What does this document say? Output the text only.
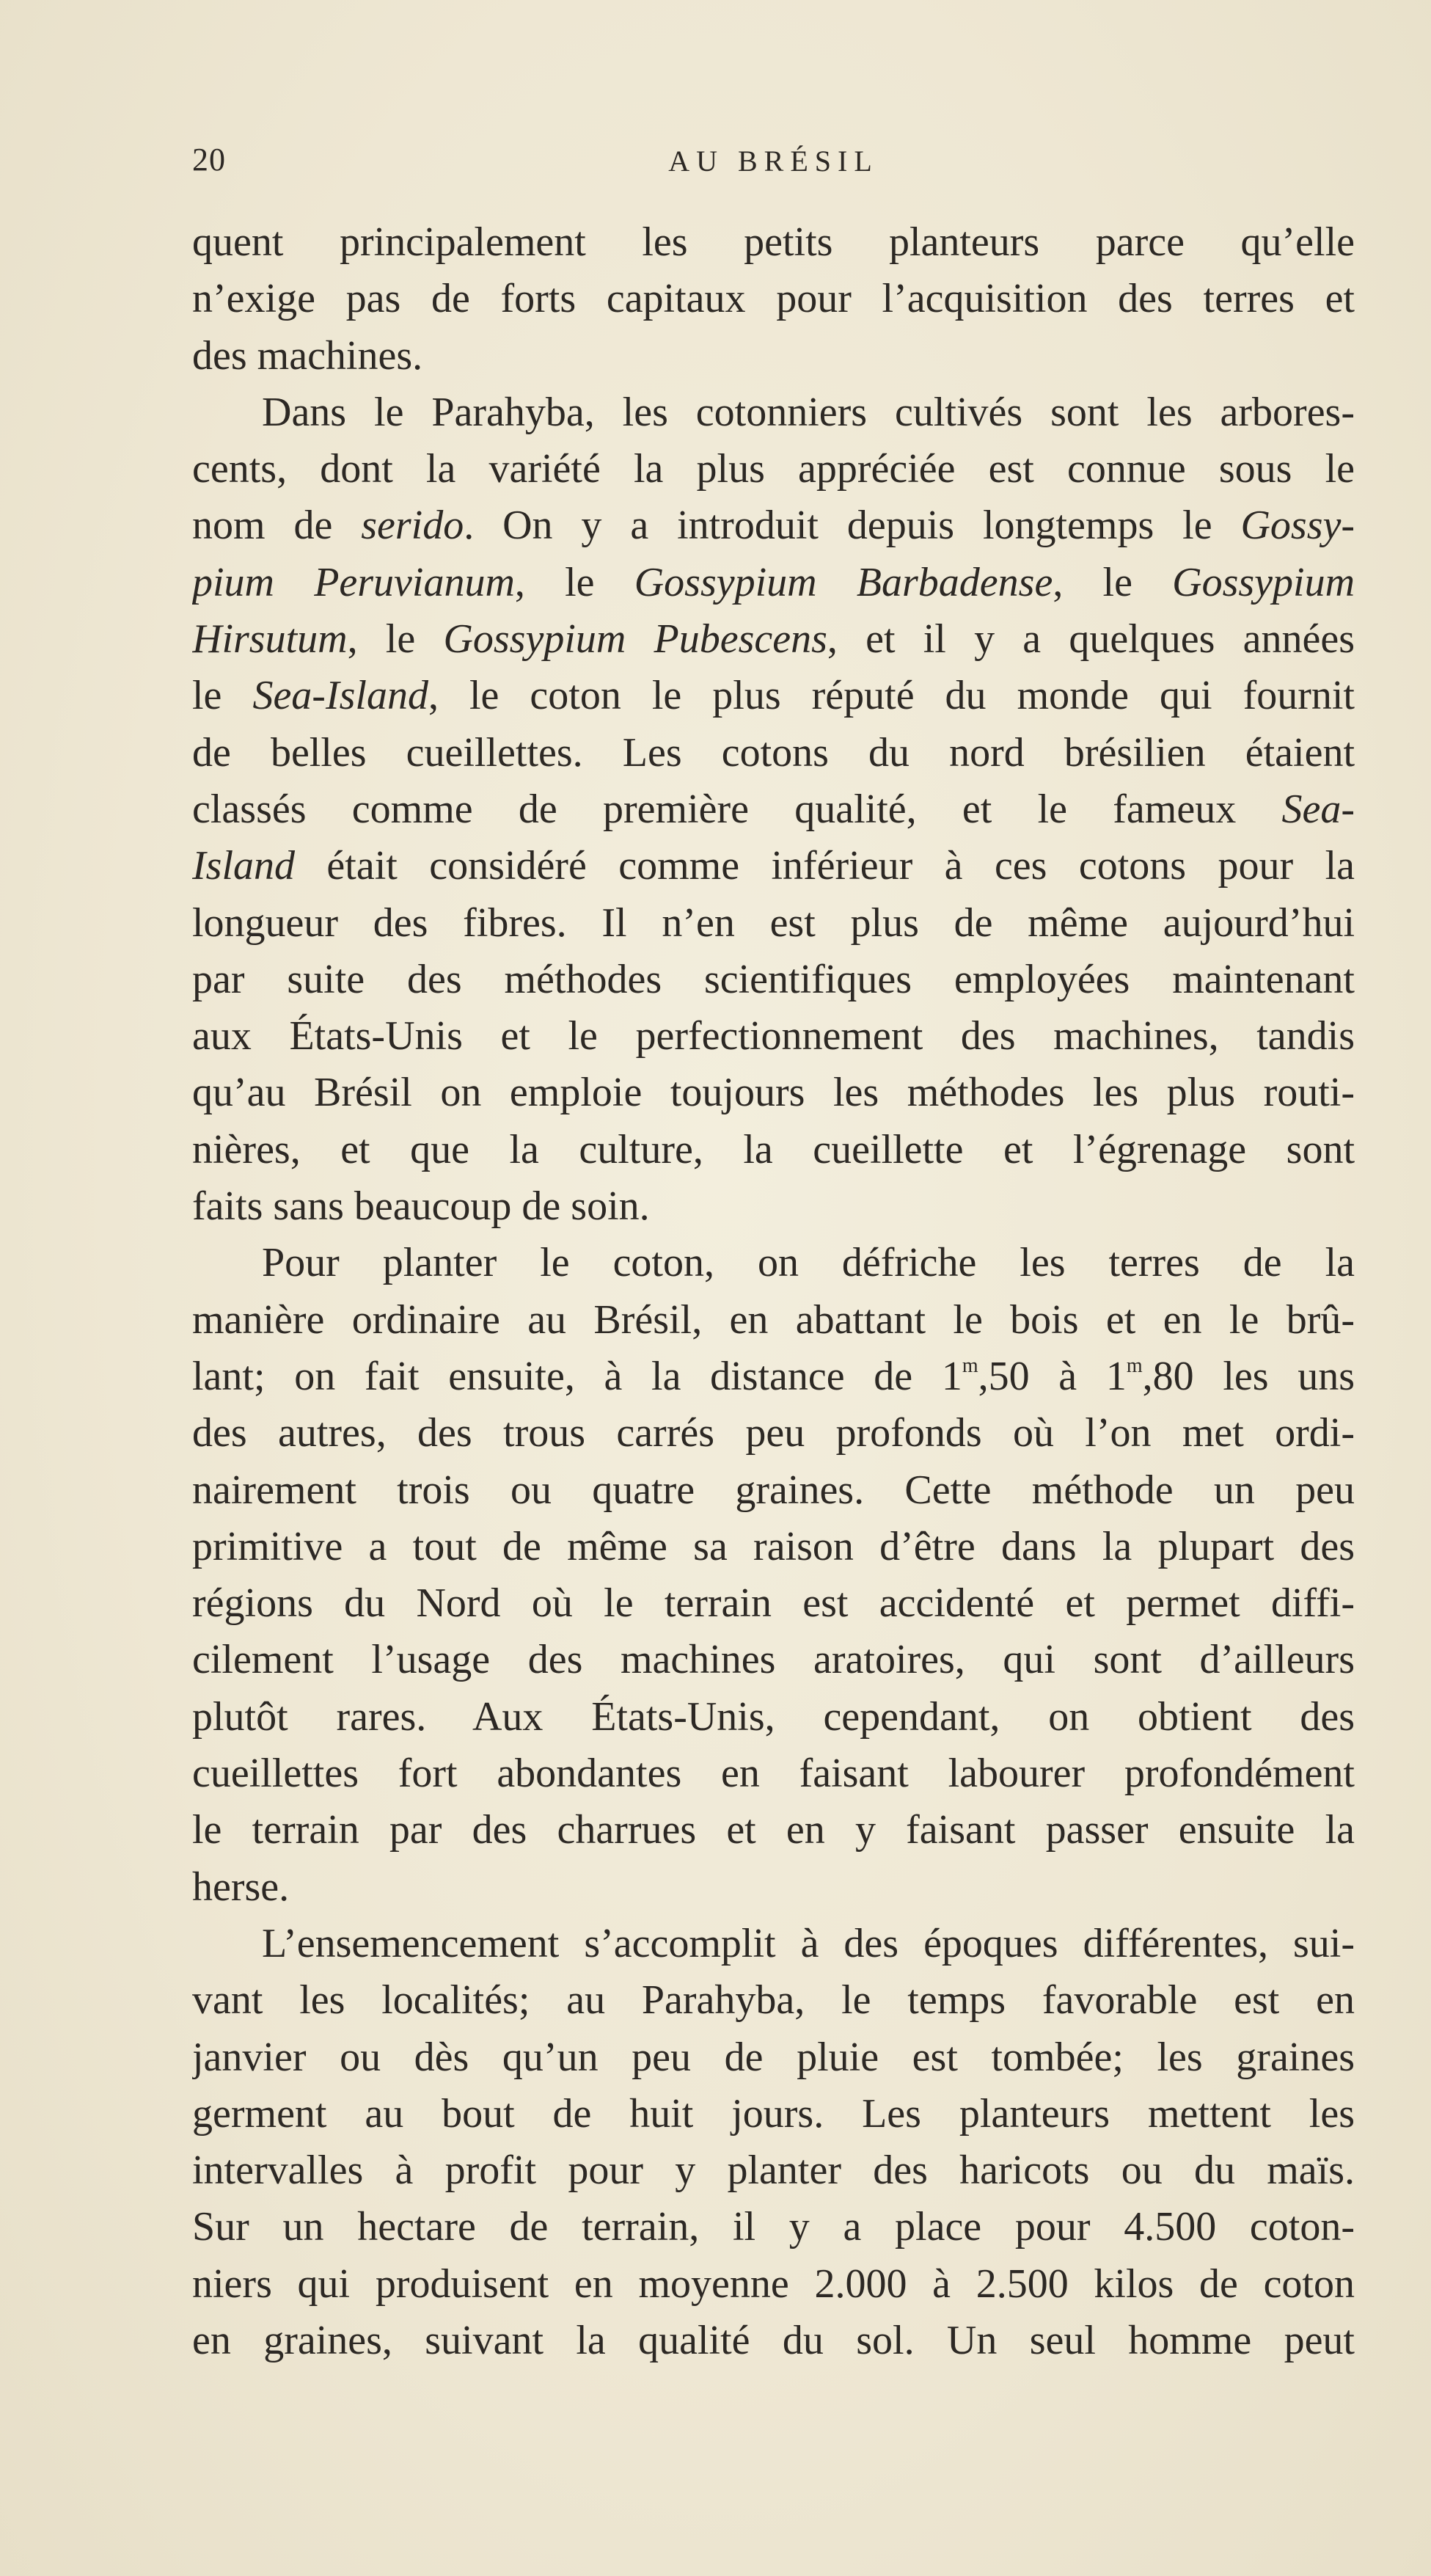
20	AU BRÉSIL
quent principalement les petits planteurs parce qu’elle
n’exige pas de forts capitaux pour l’acquisition des terres et
des machines.
Dans le Parahyba, les cotonniers cultivés sont les arbores-
cents, dont la variété la plus appréciée est connue sous le
nom de serido. On y a introduit depuis longtemps le Gossy-
pium Peruvianum, le Gossypium Barbadense, le Gossypium
Hirsutum, le Gossypium Pubescens, et il y a quelques années
le Sea-Island, le coton le plus réputé du monde qui fournit
de belles cueillettes. Les cotons du nord brésilien étaient
classés comme de première qualité, et le fameux Sea-
Island était considéré comme inférieur à ces cotons pour la
longueur des fibres. Il n’en est plus de même aujourd’hui
par suite des méthodes scientifiques employées maintenant
aux États-Unis et le perfectionnement des machines, tandis
qu’au Brésil on emploie toujours les méthodes les plus routi-
nières, et que la culture, la cueillette et l’égrenage sont
faits sans beaucoup de soin.
Pour planter le coton, on défriche les terres de la
manière ordinaire au Brésil, en abattant le bois et en le brû-
lant; on fait ensuite, à la distance de 1$^m$,50 à 1$^m$,80 les uns
des autres, des trous carrés peu profonds où l’on met ordi-
nairement trois ou quatre graines. Cette méthode un peu
primitive a tout de même sa raison d’être dans la plupart des
régions du Nord où le terrain est accidenté et permet diffi-
cilement l’usage des machines aratoires, qui sont d’ailleurs
plutôt rares. Aux États-Unis, cependant, on obtient des
cueillettes fort abondantes en faisant labourer profondément
le terrain par des charrues et en y faisant passer ensuite la
herse.
L’ensemencement s’accomplit à des époques différentes, sui-
vant les localités; au Parahyba, le temps favorable est en
janvier ou dès qu’un peu de pluie est tombée; les graines
germent au bout de huit jours. Les planteurs mettent les
intervalles à profit pour y planter des haricots ou du maïs.
Sur un hectare de terrain, il y a place pour 4.500 coton-
niers qui produisent en moyenne 2.000 à 2.500 kilos de coton
en graines, suivant la qualité du sol. Un seul homme peut
